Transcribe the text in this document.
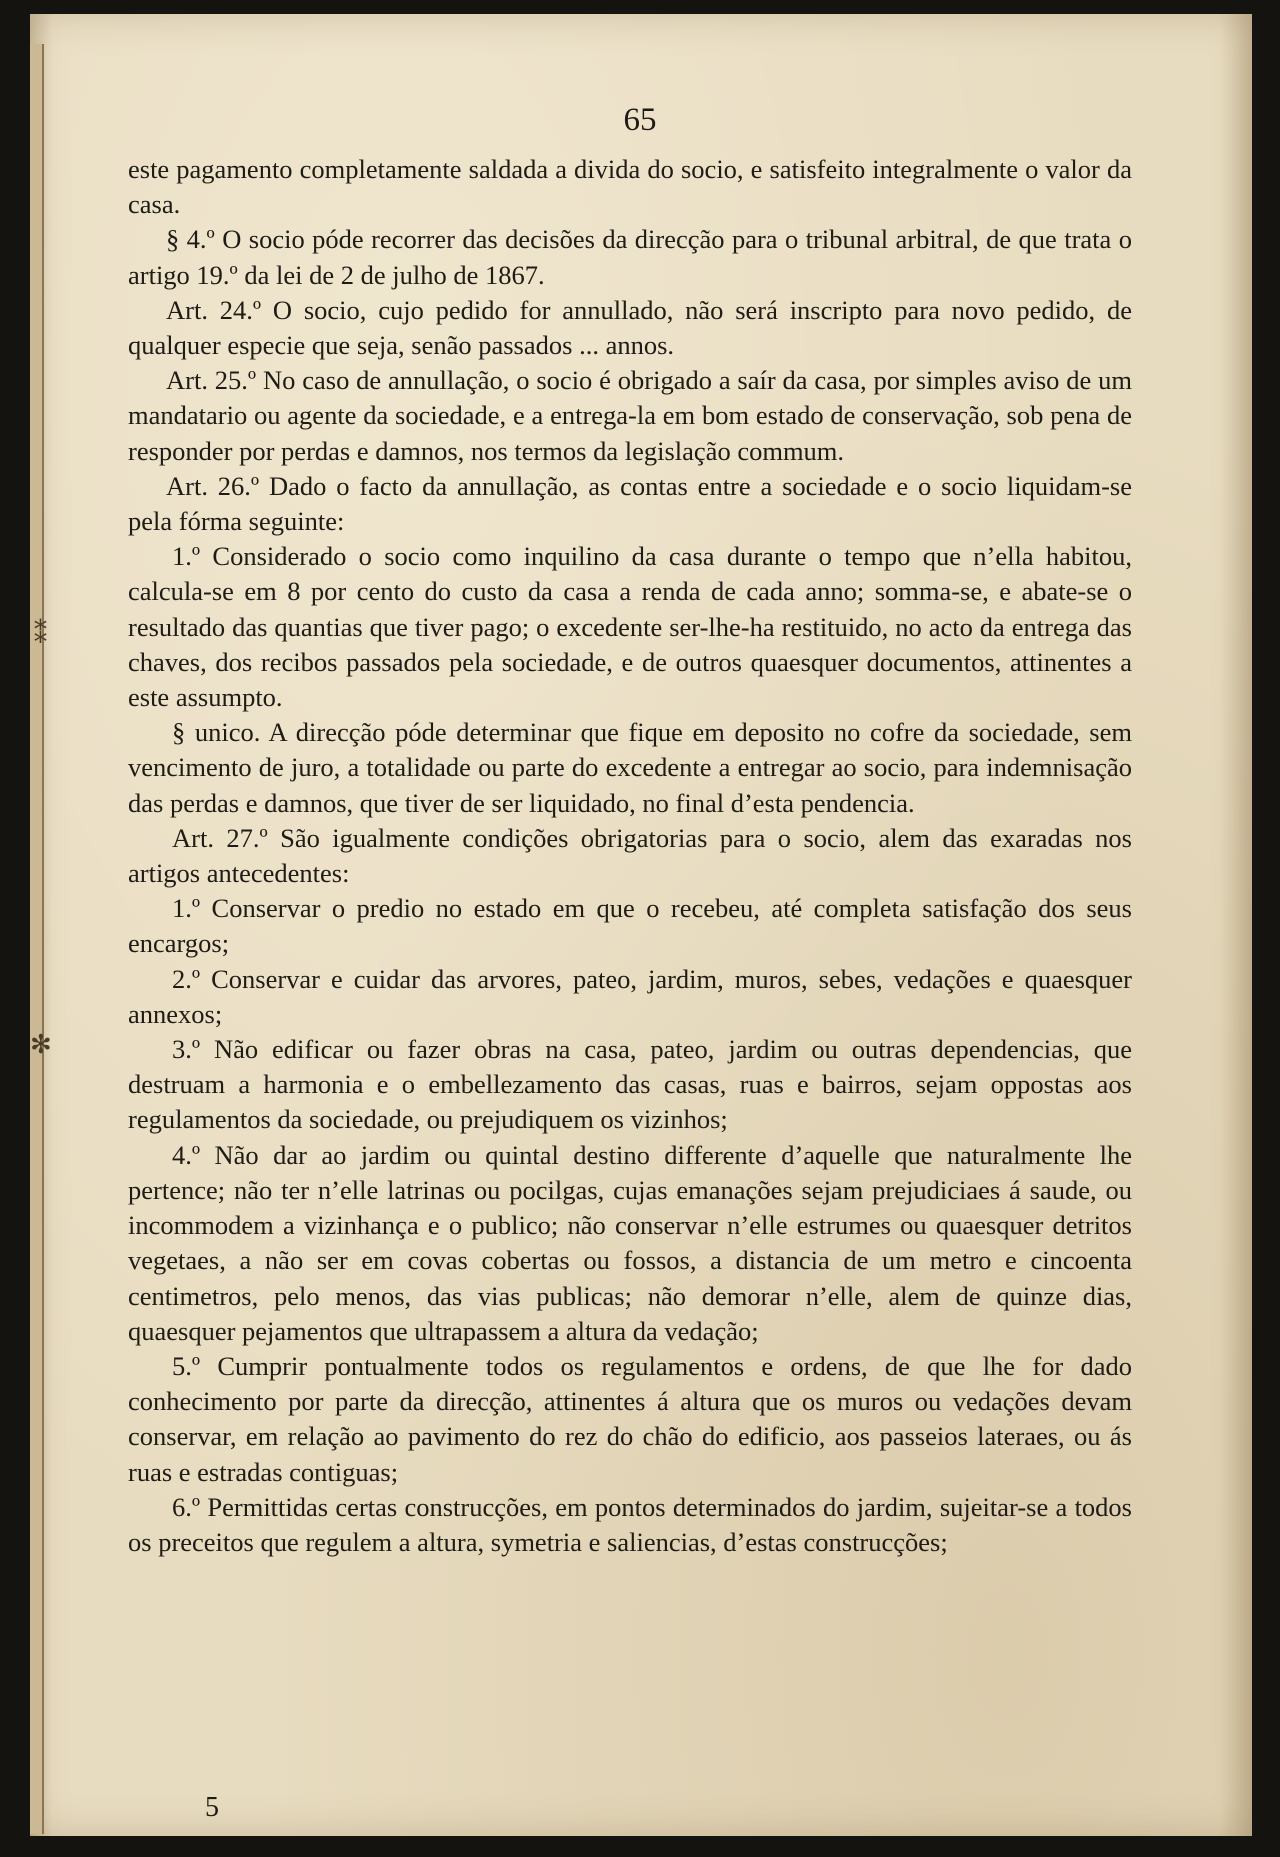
⁑
✻
65

este pagamento completamente saldada a divida do socio, e satisfeito integralmente o valor da casa.

§ 4.º O socio póde recorrer das decisões da direcção para o tribunal arbitral, de que trata o artigo 19.º da lei de 2 de julho de 1867.

Art. 24.º O socio, cujo pedido for annullado, não será inscripto para novo pedido, de qualquer especie que seja, senão passados ... annos.

Art. 25.º No caso de annullação, o socio é obrigado a saír da casa, por simples aviso de um mandatario ou agente da sociedade, e a entrega-la em bom estado de conservação, sob pena de responder por perdas e damnos, nos termos da legislação commum.

Art. 26.º Dado o facto da annullação, as contas entre a sociedade e o socio liquidam-se pela fórma seguinte:

1.º Considerado o socio como inquilino da casa durante o tempo que n’ella habitou, calcula-se em 8 por cento do custo da casa a renda de cada anno; somma-se, e abate-se o resultado das quantias que tiver pago; o excedente ser-lhe-ha restituido, no acto da entrega das chaves, dos recibos passados pela sociedade, e de outros quaesquer documentos, attinentes a este assumpto.

§ unico. A direcção póde determinar que fique em deposito no cofre da sociedade, sem vencimento de juro, a totalidade ou parte do excedente a entregar ao socio, para indemnisação das perdas e damnos, que tiver de ser liquidado, no final d’esta pendencia.

Art. 27.º São igualmente condições obrigatorias para o socio, alem das exaradas nos artigos antecedentes:

1.º Conservar o predio no estado em que o recebeu, até completa satisfação dos seus encargos;

2.º Conservar e cuidar das arvores, pateo, jardim, muros, sebes, vedações e quaesquer annexos;

3.º Não edificar ou fazer obras na casa, pateo, jardim ou outras dependencias, que destruam a harmonia e o embellezamento das casas, ruas e bairros, sejam oppostas aos regulamentos da sociedade, ou prejudiquem os vizinhos;

4.º Não dar ao jardim ou quintal destino differente d’aquelle que naturalmente lhe pertence; não ter n’elle latrinas ou pocilgas, cujas emanações sejam prejudiciaes á saude, ou incommodem a vizinhança e o publico; não conservar n’elle estrumes ou quaesquer detritos vegetaes, a não ser em covas cobertas ou fossos, a distancia de um metro e cincoenta centimetros, pelo menos, das vias publicas; não demorar n’elle, alem de quinze dias, quaesquer pejamentos que ultrapassem a altura da vedação;

5.º Cumprir pontualmente todos os regulamentos e ordens, de que lhe for dado conhecimento por parte da direcção, attinentes á altura que os muros ou vedações devam conservar, em relação ao pavimento do rez do chão do edificio, aos passeios lateraes, ou ás ruas e estradas contiguas;

6.º Permittidas certas construcções, em pontos determinados do jardim, sujeitar-se a todos os preceitos que regulem a altura, symetria e saliencias, d’estas construcções;

5
